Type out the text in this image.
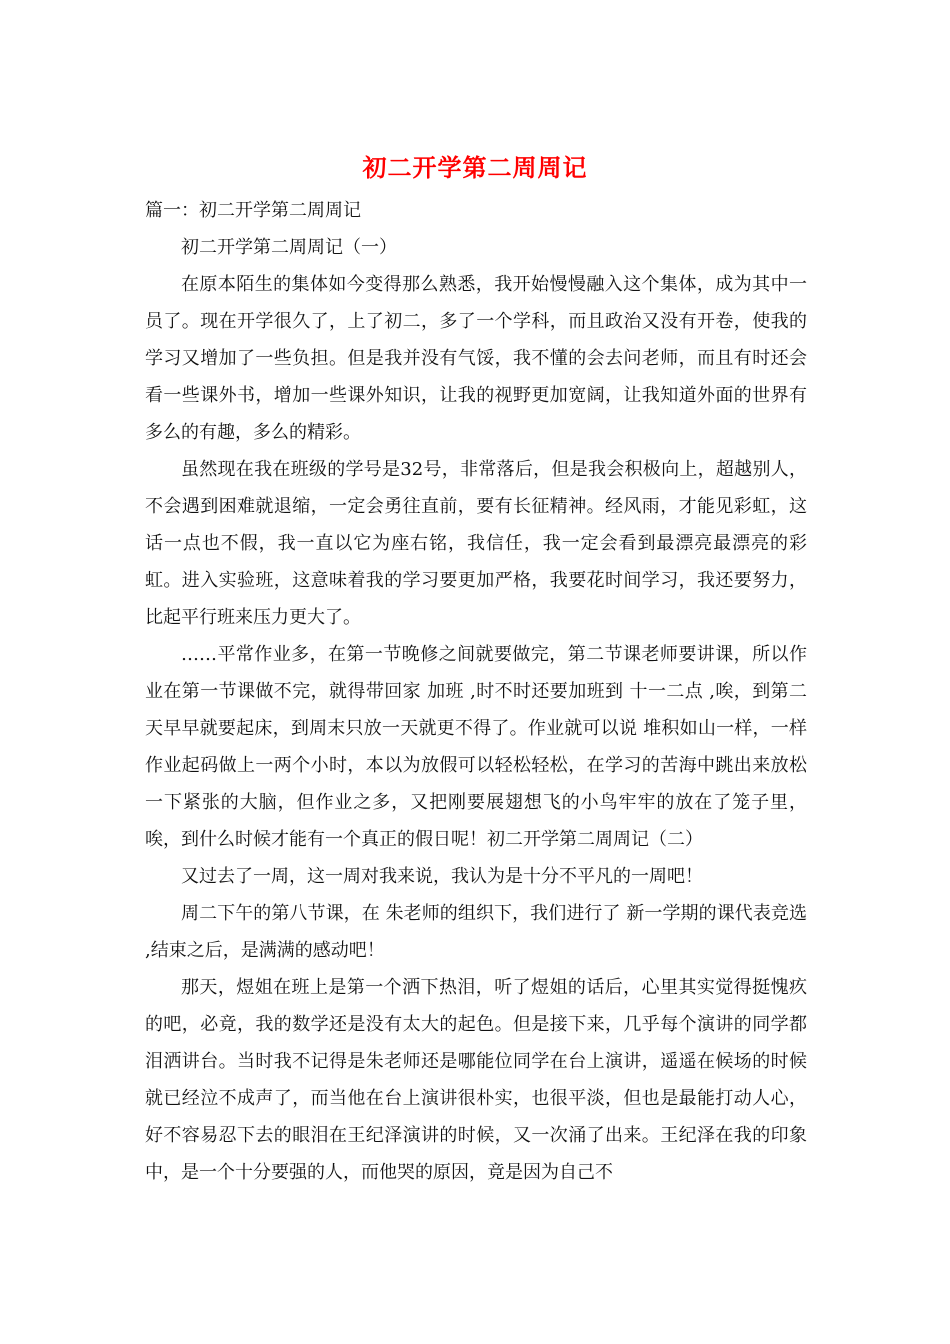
初二开学第二周周记

篇一：初二开学第二周周记

初二开学第二周周记（一）

在原本陌生的集体如今变得那么熟悉，我开始慢慢融入这个集体，成为其中一员了。现在开学很久了，上了初二，多了一个学科，而且政治又没有开卷，使我的学习又增加了一些负担。但是我并没有气馁，我不懂的会去问老师，而且有时还会看一些课外书，增加一些课外知识，让我的视野更加宽阔，让我知道外面的世界有多么的有趣，多么的精彩。

虽然现在我在班级的学号是32号，非常落后，但是我会积极向上，超越别人，不会遇到困难就退缩，一定会勇往直前，要有长征精神。经风雨，才能见彩虹，这话一点也不假，我一直以它为座右铭，我信任，我一定会看到最漂亮最漂亮的彩虹。进入实验班，这意味着我的学习要更加严格，我要花时间学习，我还要努力，比起平行班来压力更大了。

……平常作业多，在第一节晚修之间就要做完，第二节课老师要讲课，所以作业在第一节课做不完，就得带回家 加班 ,时不时还要加班到 十一二点 ,唉，到第二天早早就要起床，到周末只放一天就更不得了。作业就可以说 堆积如山一样，一样作业起码做上一两个小时，本以为放假可以轻松轻松，在学习的苦海中跳出来放松一下紧张的大脑，但作业之多，又把刚要展翅想飞的小鸟牢牢的放在了笼子里，唉，到什么时候才能有一个真正的假日呢！初二开学第二周周记（二）

又过去了一周，这一周对我来说，我认为是十分不平凡的一周吧！

周二下午的第八节课，在 朱老师的组织下，我们进行了 新一学期的课代表竞选 ,结束之后，是满满的感动吧！

那天，煜姐在班上是第一个洒下热泪，听了煜姐的话后，心里其实觉得挺愧疚的吧，必竟，我的数学还是没有太大的起色。但是接下来，几乎每个演讲的同学都泪洒讲台。当时我不记得是朱老师还是哪能位同学在台上演讲，遥遥在候场的时候就已经泣不成声了，而当他在台上演讲很朴实，也很平淡，但也是最能打动人心，好不容易忍下去的眼泪在王纪泽演讲的时候，又一次涌了出来。王纪泽在我的印象中，是一个十分要强的人，而他哭的原因，竟是因为自己不
